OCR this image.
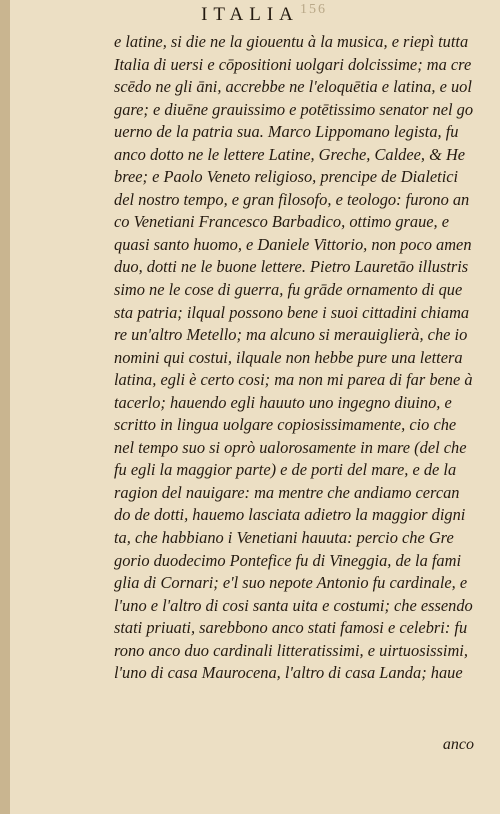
156
ITALIA
e latine, si die ne la giouentu à la musica, e riepì tutta
Italia di uersi e cōpositioni uolgari dolcissime; ma cre
scēdo ne gli āni, accrebbe ne l'eloquētia e latina, e uol
gare; e diuēne grauissimo e potētissimo senator nel go
uerno de la patria sua. Marco Lippomano legista, fu
anco dotto ne le lettere Latine, Greche, Caldee, & He
bree; e Paolo Veneto religioso, prencipe de Dialetici
del nostro tempo, e gran filosofo, e teologo: furono an
co Venetiani Francesco Barbadico, ottimo graue, e
quasi santo huomo, e Daniele Vittorio, non poco amen
duo, dotti ne le buone lettere. Pietro Lauretāo illustris
simo ne le cose di guerra, fu grāde ornamento di que
sta patria; ilqual possono bene i suoi cittadini chiama
re un'altro Metello; ma alcuno si merauiglierà, che io
nomini qui costui, ilquale non hebbe pure una lettera
latina, egli è certo cosi; ma non mi parea di far bene à
tacerlo; hauendo egli hauuto uno ingegno diuino, e
scritto in lingua uolgare copiosissimamente, cio che
nel tempo suo si oprò ualorosamente in mare (del che
fu egli la maggior parte) e de porti del mare, e de la
ragion del nauigare: ma mentre che andiamo cercan
do de dotti, hauemo lasciata adietro la maggior digni
ta, che habbiano i Venetiani hauuta: percio che Gre
gorio duodecimo Pontefice fu di Vineggia, de la fami
glia di Cornari; e'l suo nepote Antonio fu cardinale, e
l'uno e l'altro di cosi santa uita e costumi; che essendo
stati priuati, sarebbono anco stati famosi e celebri: fu
rono anco duo cardinali litteratissimi, e uirtuosissimi,
l'uno di casa Maurocena, l'altro di casa Landa; haue
anco
